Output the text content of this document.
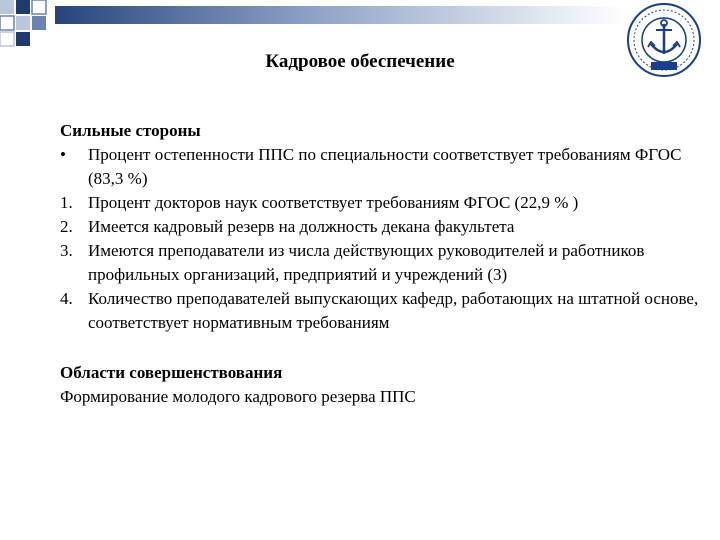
Кадровое обеспечение

Сильные стороны

•	Процент остепенности ППС по специальности соответствует требованиям ФГОС (83,3 %)
1. Процент докторов наук соответствует требованиям ФГОС (22,9 % )
2. Имеется кадровый резерв на должность декана факультета
3. Имеются преподаватели из числа действующих руководителей и работников профильных организаций, предприятий и учреждений (3)
4. Количество преподавателей выпускающих кафедр, работающих на штатной основе, соответствует нормативным требованиям

Области совершенствования

Формирование молодого кадрового резерва ППС
